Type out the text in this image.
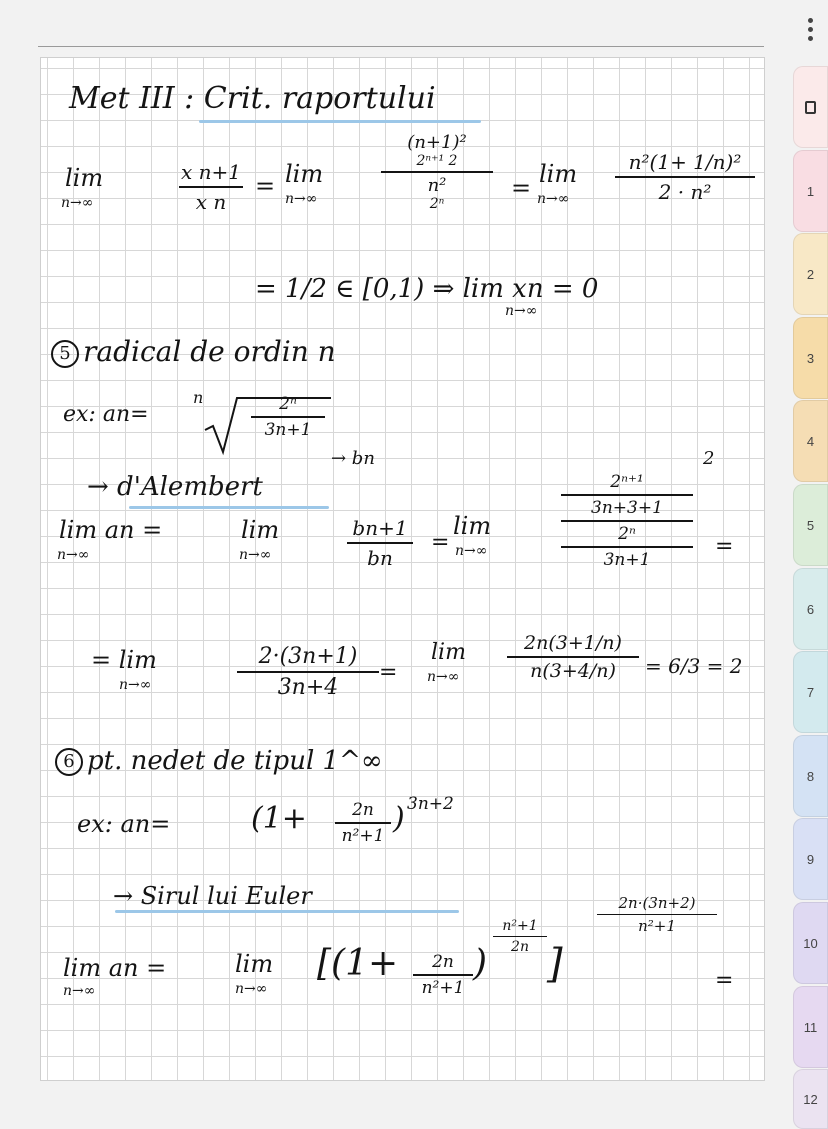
1
2
3
4
5
6
7
8
9
10
11
12
Met III : Crit. raportului
lim
n→∞
x n+1
x n
= lim
n→∞
(n+1)²
2ⁿ⁺¹ 2
n²
2ⁿ
= lim
n→∞
n²(1+ 1/n)²
2 · n²
= 1/2 ∈ [0,1) ⇒ lim xn = 0
n→∞
5 radical de ordin n
ex: an=
n	2ⁿ
3n+1
→ bn
→ d'Alembert
lim an =
n→∞
lim
n→∞
bn+1
bn
=
lim
n→∞
2
2ⁿ⁺¹
3n+3+1
2ⁿ
3n+1
=
= lim
n→∞
2·(3n+1)
3n+4
=
lim
n→∞
2n(3+1/n)
n(3+4/n)	= 6/3 = 2
6 pt. nedet de tipul 1^∞
ex: an=	(1+	2n
n²+1 ) 3n+2
→ Sirul lui Euler
lim an =
n→∞
lim
n→∞
[(1+	2n
n²+1
)
n²+1
2n ]
2n·(3n+2)
n²+1
=
